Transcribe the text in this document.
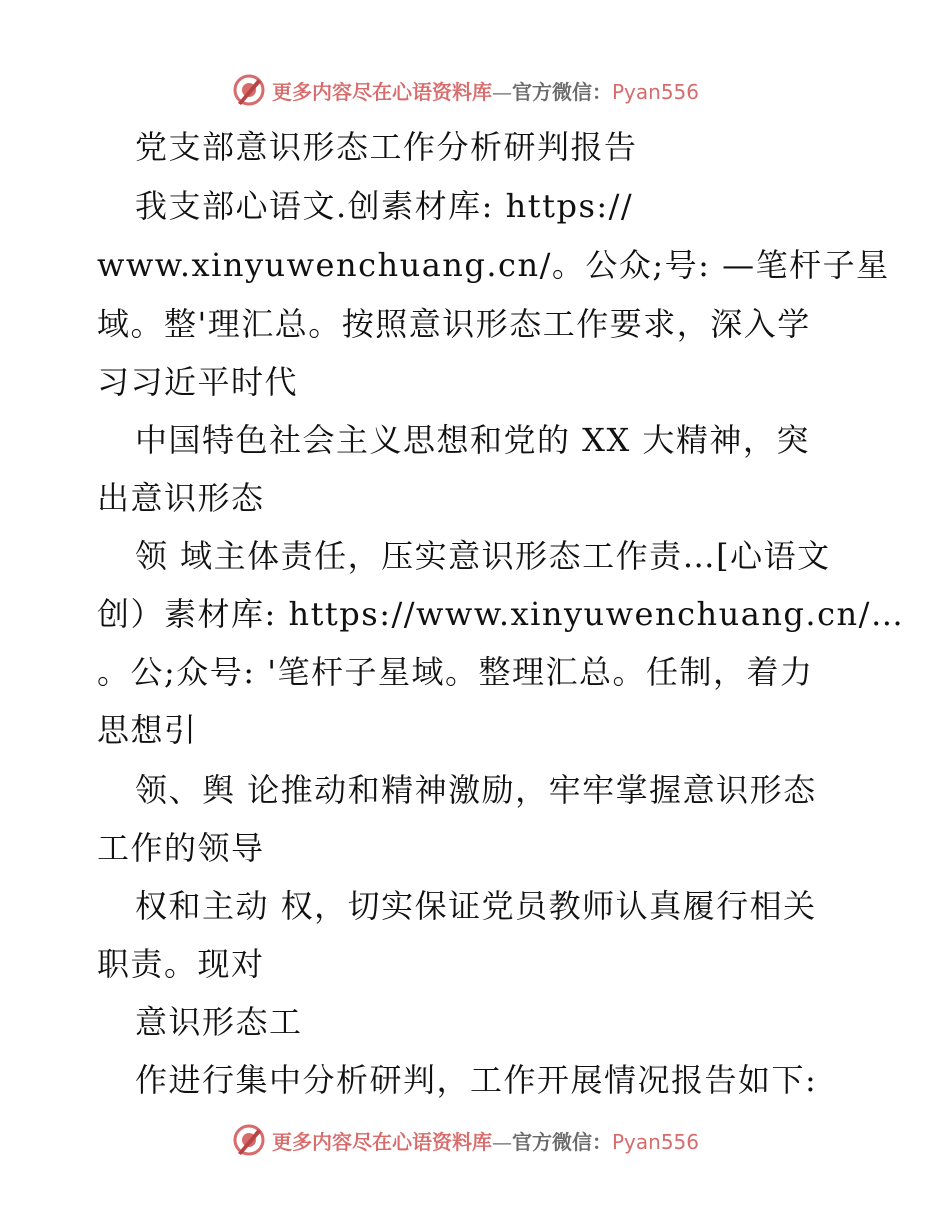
更多内容尽在心语资料库—官方微信：Pyan556
党支部意识形态工作分析研判报告
我支部心语文.创素材库: https://
www.xinyuwenchuang.cn/。公众;号: —笔杆子星
域。整'理汇总。按照意识形态工作要求，深入学
习习近平时代
中国特色社会主义思想和党的 XX 大精神，突
出意识形态
领 域主体责任，压实意识形态工作责…[心语文
创）素材库: https://www.xinyuwenchuang.cn/…
。公;众号: '笔杆子星域。整理汇总。任制，着力
思想引
领、舆 论推动和精神激励，牢牢掌握意识形态
工作的领导
权和主动 权，切实保证党员教师认真履行相关
职责。现对
意识形态工
作进行集中分析研判，工作开展情况报告如下:
更多内容尽在心语资料库—官方微信：Pyan556
